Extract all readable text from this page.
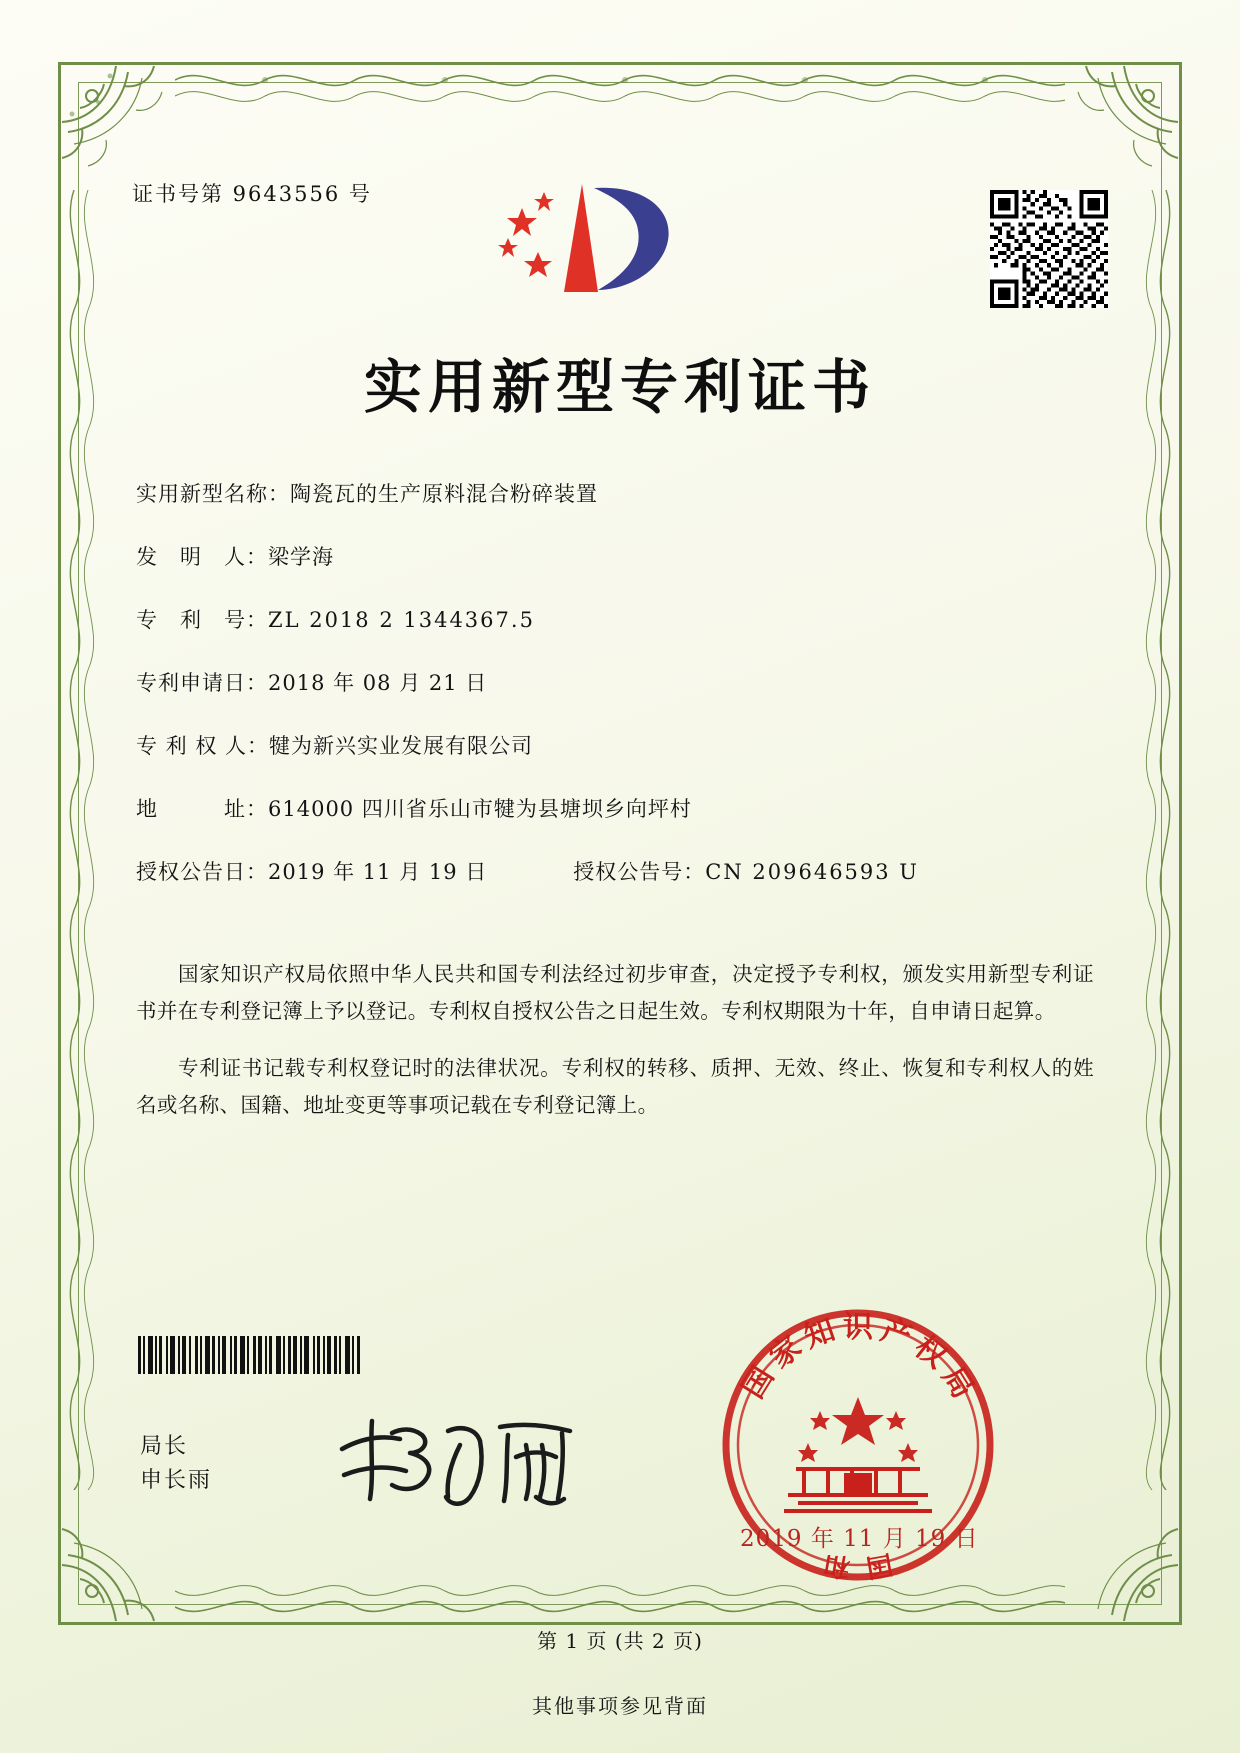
证书号第 9643556 号
实用新型专利证书
实用新型名称： 陶瓷瓦的生产原料混合粉碎装置
发　明　人： 梁学海
专　利　号： ZL 2018 2 1344367.5
专利申请日： 2018 年 08 月 21 日
专 利 权 人： 犍为新兴实业发展有限公司
地　　　址： 614000 四川省乐山市犍为县塘坝乡向坪村
授权公告日： 2019 年 11 月 19 日	授权公告号： CN 209646593 U

国家知识产权局依照中华人民共和国专利法经过初步审查，决定授予专利权，颁发实用新型专利证书并在专利登记簿上予以登记。专利权自授权公告之日起生效。专利权期限为十年，自申请日起算。

专利证书记载专利权登记时的法律状况。专利权的转移、质押、无效、终止、恢复和专利权人的姓名或名称、国籍、地址变更等事项记载在专利登记簿上。

局长
申长雨
国
家
知 识 产
权
局
国
和
2019 年 11 月 19 日
第 1 页 (共 2 页)
其他事项参见背面
